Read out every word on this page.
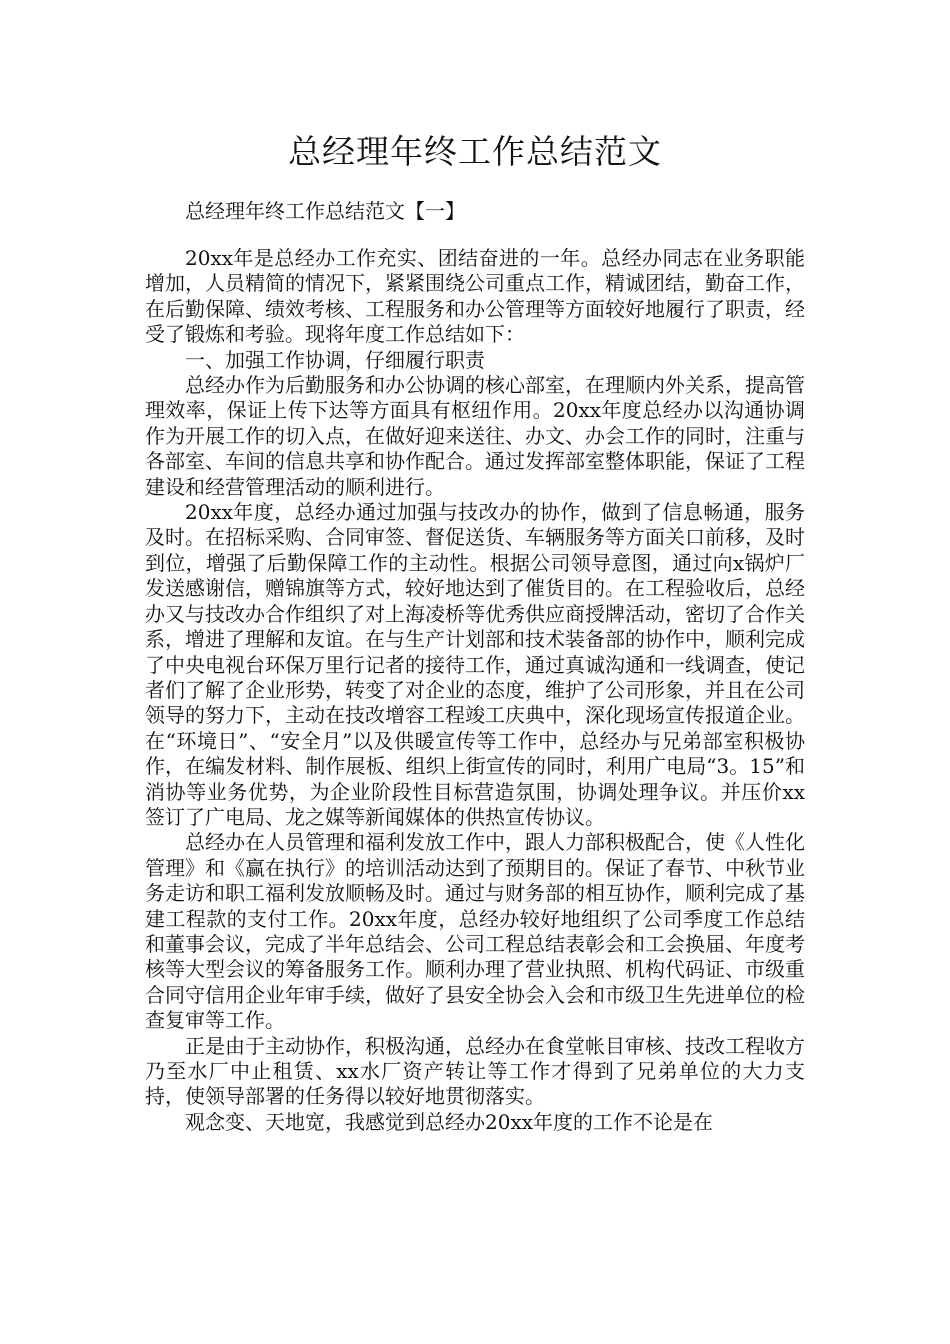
总经理年终工作总结范文

总经理年终工作总结范文【一】

20xx年是总经办工作充实、团结奋进的一年。总经办同志在业务职能增加，人员精简的情况下，紧紧围绕公司重点工作，精诚团结，勤奋工作，在后勤保障、绩效考核、工程服务和办公管理等方面较好地履行了职责，经受了锻炼和考验。现将年度工作总结如下：

一、加强工作协调，仔细履行职责

总经办作为后勤服务和办公协调的核心部室，在理顺内外关系，提高管理效率，保证上传下达等方面具有枢纽作用。20xx年度总经办以沟通协调作为开展工作的切入点，在做好迎来送往、办文、办会工作的同时，注重与各部室、车间的信息共享和协作配合。通过发挥部室整体职能，保证了工程建设和经营管理活动的顺利进行。

20xx年度，总经办通过加强与技改办的协作，做到了信息畅通，服务及时。在招标采购、合同审签、督促送货、车辆服务等方面关口前移，及时到位，增强了后勤保障工作的主动性。根据公司领导意图，通过向x锅炉厂发送感谢信，赠锦旗等方式，较好地达到了催货目的。在工程验收后，总经办又与技改办合作组织了对上海凌桥等优秀供应商授牌活动，密切了合作关系，增进了理解和友谊。在与生产计划部和技术装备部的协作中，顺利完成了中央电视台环保万里行记者的接待工作，通过真诚沟通和一线调查，使记者们了解了企业形势，转变了对企业的态度，维护了公司形象，并且在公司领导的努力下，主动在技改增容工程竣工庆典中，深化现场宣传报道企业。在“环境日”、“安全月”以及供暖宣传等工作中，总经办与兄弟部室积极协作，在编发材料、制作展板、组织上街宣传的同时，利用广电局“3。15”和消协等业务优势，为企业阶段性目标营造氛围，协调处理争议。并压价xx签订了广电局、龙之媒等新闻媒体的供热宣传协议。

总经办在人员管理和福利发放工作中，跟人力部积极配合，使《人性化管理》和《赢在执行》的培训活动达到了预期目的。保证了春节、中秋节业务走访和职工福利发放顺畅及时。通过与财务部的相互协作，顺利完成了基建工程款的支付工作。20xx年度，总经办较好地组织了公司季度工作总结和董事会议，完成了半年总结会、公司工程总结表彰会和工会换届、年度考核等大型会议的筹备服务工作。顺利办理了营业执照、机构代码证、市级重合同守信用企业年审手续，做好了县安全协会入会和市级卫生先进单位的检查复审等工作。

正是由于主动协作，积极沟通，总经办在食堂帐目审核、技改工程收方乃至水厂中止租赁、xx水厂资产转让等工作才得到了兄弟单位的大力支持，使领导部署的任务得以较好地贯彻落实。

观念变、天地宽，我感觉到总经办20xx年度的工作不论是在
